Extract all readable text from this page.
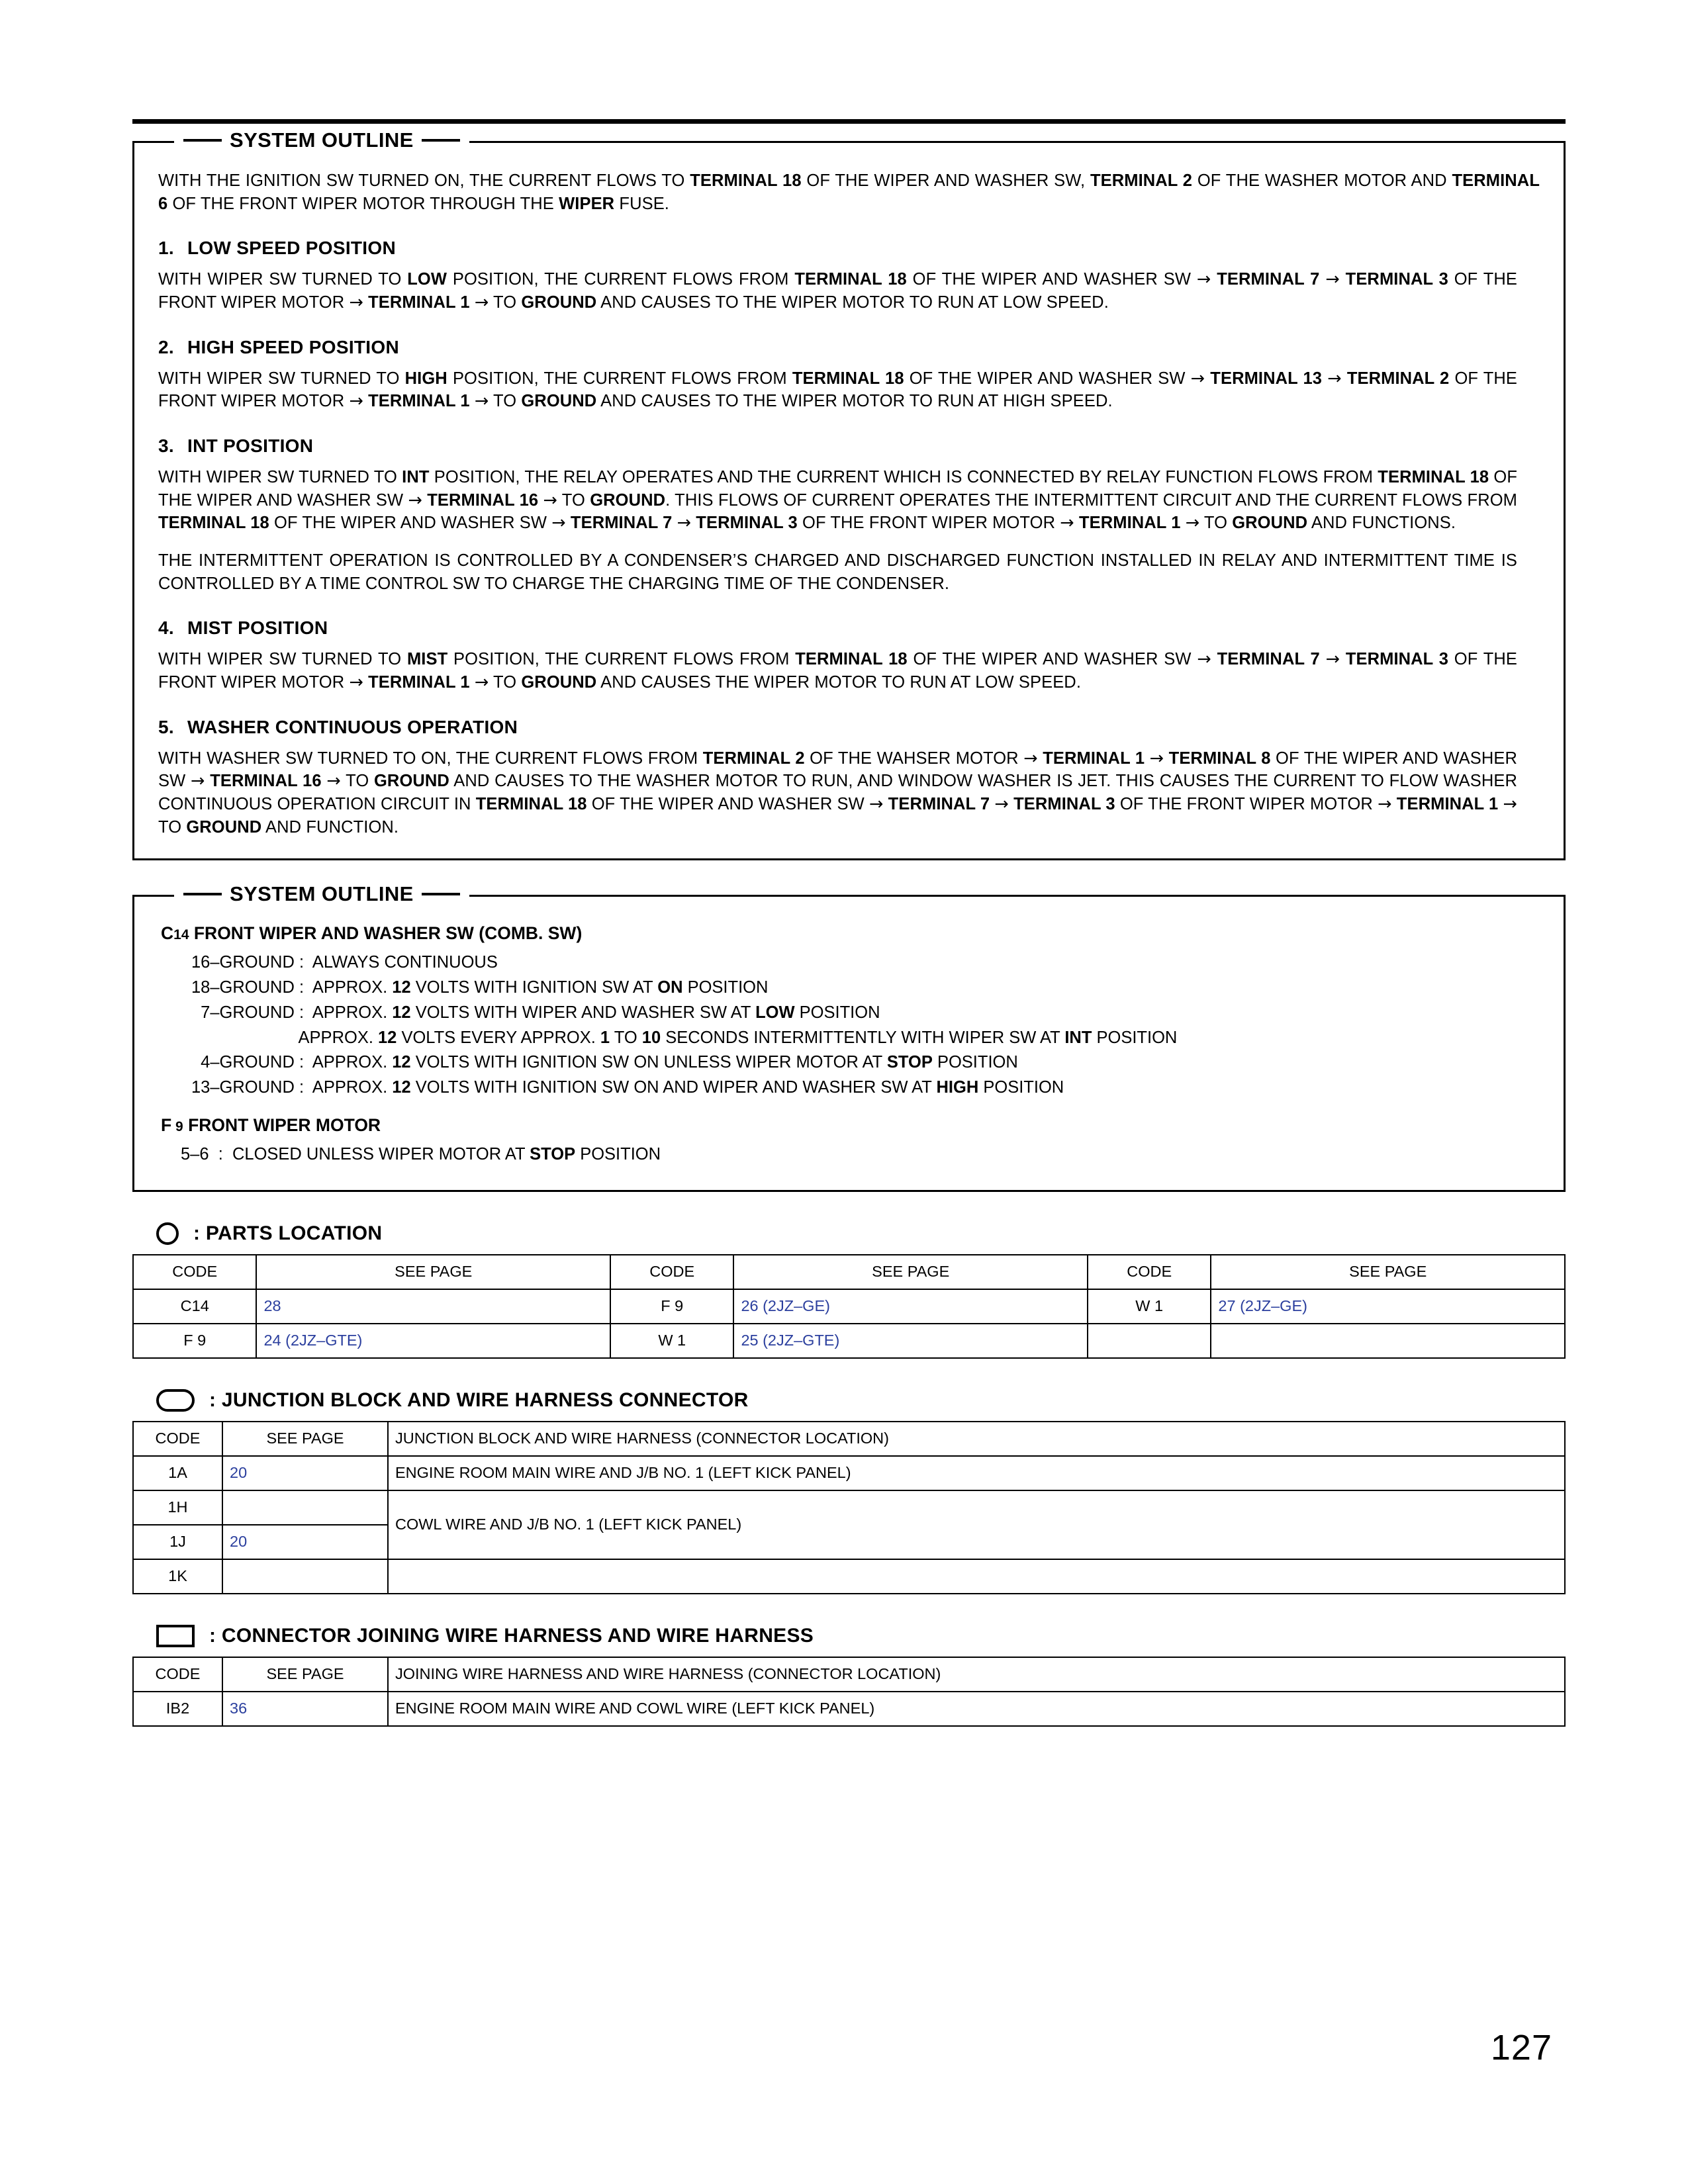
SYSTEM OUTLINE

WITH THE IGNITION SW TURNED ON, THE CURRENT FLOWS TO TERMINAL 18 OF THE WIPER AND WASHER SW, TERMINAL 2 OF THE WASHER MOTOR AND TERMINAL 6 OF THE FRONT WIPER MOTOR THROUGH THE WIPER FUSE.

1. LOW SPEED POSITION

WITH WIPER SW TURNED TO LOW POSITION, THE CURRENT FLOWS FROM TERMINAL 18 OF THE WIPER AND WASHER SW → TERMINAL 7 → TERMINAL 3 OF THE FRONT WIPER MOTOR → TERMINAL 1 → TO GROUND AND CAUSES TO THE WIPER MOTOR TO RUN AT LOW SPEED.

2. HIGH SPEED POSITION

WITH WIPER SW TURNED TO HIGH POSITION, THE CURRENT FLOWS FROM TERMINAL 18 OF THE WIPER AND WASHER SW → TERMINAL 13 → TERMINAL 2 OF THE FRONT WIPER MOTOR → TERMINAL 1 → TO GROUND AND CAUSES TO THE WIPER MOTOR TO RUN AT HIGH SPEED.

3. INT POSITION

WITH WIPER SW TURNED TO INT POSITION, THE RELAY OPERATES AND THE CURRENT WHICH IS CONNECTED BY RELAY FUNCTION FLOWS FROM TERMINAL 18 OF THE WIPER AND WASHER SW → TERMINAL 16 → TO GROUND. THIS FLOWS OF CURRENT OPERATES THE INTERMITTENT CIRCUIT AND THE CURRENT FLOWS FROM TERMINAL 18 OF THE WIPER AND WASHER SW → TERMINAL 7 → TERMINAL 3 OF THE FRONT WIPER MOTOR → TERMINAL 1 → TO GROUND AND FUNCTIONS.

THE INTERMITTENT OPERATION IS CONTROLLED BY A CONDENSER’S CHARGED AND DISCHARGED FUNCTION INSTALLED IN RELAY AND INTERMITTENT TIME IS CONTROLLED BY A TIME CONTROL SW TO CHARGE THE CHARGING TIME OF THE CONDENSER.

4. MIST POSITION

WITH WIPER SW TURNED TO MIST POSITION, THE CURRENT FLOWS FROM TERMINAL 18 OF THE WIPER AND WASHER SW → TERMINAL 7 → TERMINAL 3 OF THE FRONT WIPER MOTOR → TERMINAL 1 → TO GROUND AND CAUSES THE WIPER MOTOR TO RUN AT LOW SPEED.

5. WASHER CONTINUOUS OPERATION

WITH WASHER SW TURNED TO ON, THE CURRENT FLOWS FROM TERMINAL 2 OF THE WAHSER MOTOR → TERMINAL 1 → TERMINAL 8 OF THE WIPER AND WASHER SW → TERMINAL 16 → TO GROUND AND CAUSES TO THE WASHER MOTOR TO RUN, AND WINDOW WASHER IS JET. THIS CAUSES THE CURRENT TO FLOW WASHER CONTINUOUS OPERATION CIRCUIT IN TERMINAL 18 OF THE WIPER AND WASHER SW → TERMINAL 7 → TERMINAL 3 OF THE FRONT WIPER MOTOR → TERMINAL 1 → TO GROUND AND FUNCTION.

SYSTEM OUTLINE
C14 FRONT WIPER AND WASHER SW (COMB. SW)
16–GROUND :  ALWAYS CONTINUOUS
18–GROUND :  APPROX. 12 VOLTS WITH IGNITION SW AT ON POSITION
7–GROUND :  APPROX. 12 VOLTS WITH WIPER AND WASHER SW AT LOW POSITION
APPROX. 12 VOLTS EVERY APPROX. 1 TO 10 SECONDS INTERMITTENTLY WITH WIPER SW AT INT POSITION
4–GROUND :  APPROX. 12 VOLTS WITH IGNITION SW ON UNLESS WIPER MOTOR AT STOP POSITION
13–GROUND :  APPROX. 12 VOLTS WITH IGNITION SW ON AND WIPER AND WASHER SW AT HIGH POSITION
F 9 FRONT WIPER MOTOR
5–6  :  CLOSED UNLESS WIPER MOTOR AT STOP POSITION
: PARTS LOCATION
CODE	SEE PAGE	CODE	SEE PAGE	CODE	SEE PAGE
C14	28	F 9	26 (2JZ–GE)	W 1	27 (2JZ–GE)
F 9	24 (2JZ–GTE)	W 1	25 (2JZ–GTE)		
: JUNCTION BLOCK AND WIRE HARNESS CONNECTOR
CODE	SEE PAGE	JUNCTION BLOCK AND WIRE HARNESS (CONNECTOR LOCATION)
1A	20	ENGINE ROOM MAIN WIRE AND J/B NO. 1 (LEFT KICK PANEL)
1H		COWL WIRE AND J/B NO. 1 (LEFT KICK PANEL)
1J	20	
1K		
: CONNECTOR JOINING WIRE HARNESS AND WIRE HARNESS
CODE	SEE PAGE	JOINING WIRE HARNESS AND WIRE HARNESS (CONNECTOR LOCATION)
IB2	36	ENGINE ROOM MAIN WIRE AND COWL WIRE (LEFT KICK PANEL)
127
